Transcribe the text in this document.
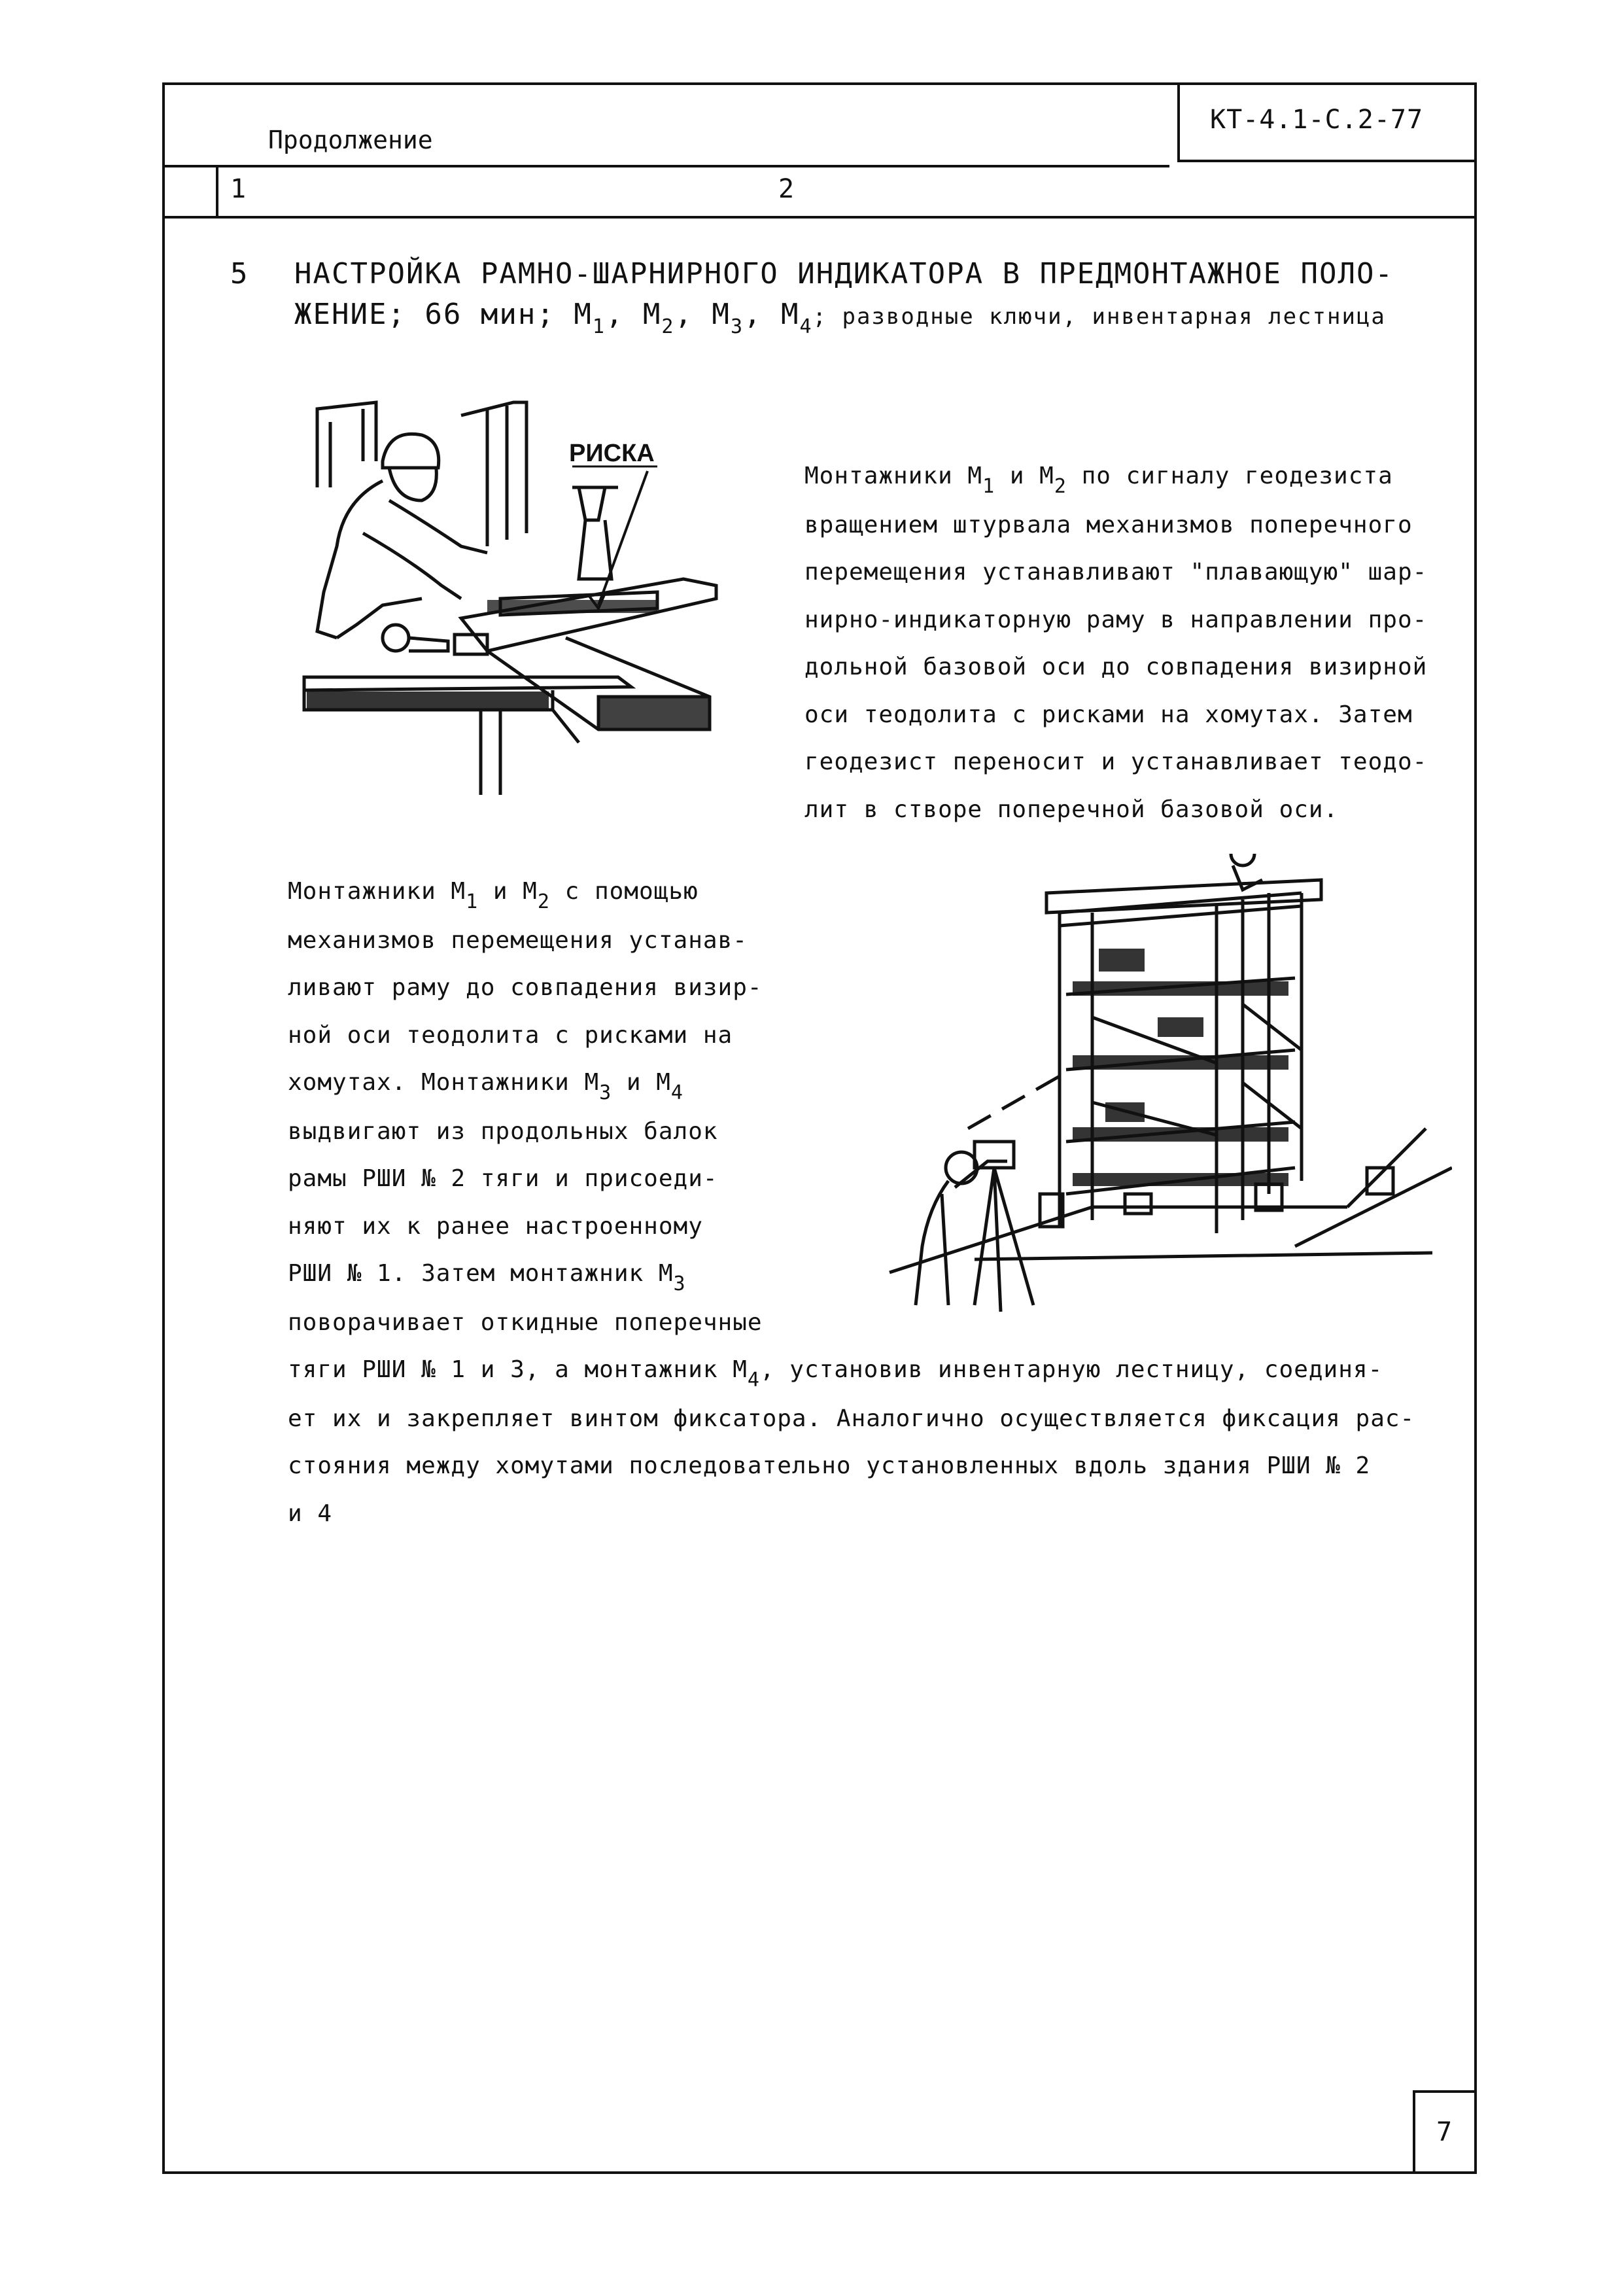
КТ-4.1-С.2-77
Продолжение
1	2
5 НАСТРОЙКА РАМНО-ШАРНИРНОГО ИНДИКАТОРА В ПРЕДМОНТАЖНОЕ ПОЛО-
ЖЕНИЕ; 66 мин; $М_1$, $М_2$, $М_3$, $М_4$; разводные ключи, инвентарная лестница
РИСКА
Монтажники $М_1$ и $М_2$ по сигналу геодезиста
вращением штурвала механизмов поперечного
перемещения устанавливают "плавающую" шар-
нирно-индикаторную раму в направлении про-
дольной базовой оси до совпадения визирной
оси теодолита с рисками на хомутах. Затем
геодезист переносит и устанавливает теодо-
лит в створе поперечной базовой оси.
Монтажники $М_1$ и $М_2$ с помощью
механизмов перемещения устанав-
ливают раму до совпадения визир-
ной оси теодолита с рисками на
хомутах. Монтажники $М_3$ и $М_4$
выдвигают из продольных балок
рамы РШИ № 2 тяги и присоеди-
няют их к ранее настроенному
РШИ № 1. Затем монтажник $М_3$
поворачивает откидные поперечные
тяги РШИ № 1 и 3, а монтажник $М_4$, установив инвентарную лестницу, соединя-
ет их и закрепляет винтом фиксатора. Аналогично осуществляется фиксация рас-
стояния между хомутами последовательно установленных вдоль здания РШИ № 2
и 4
7
